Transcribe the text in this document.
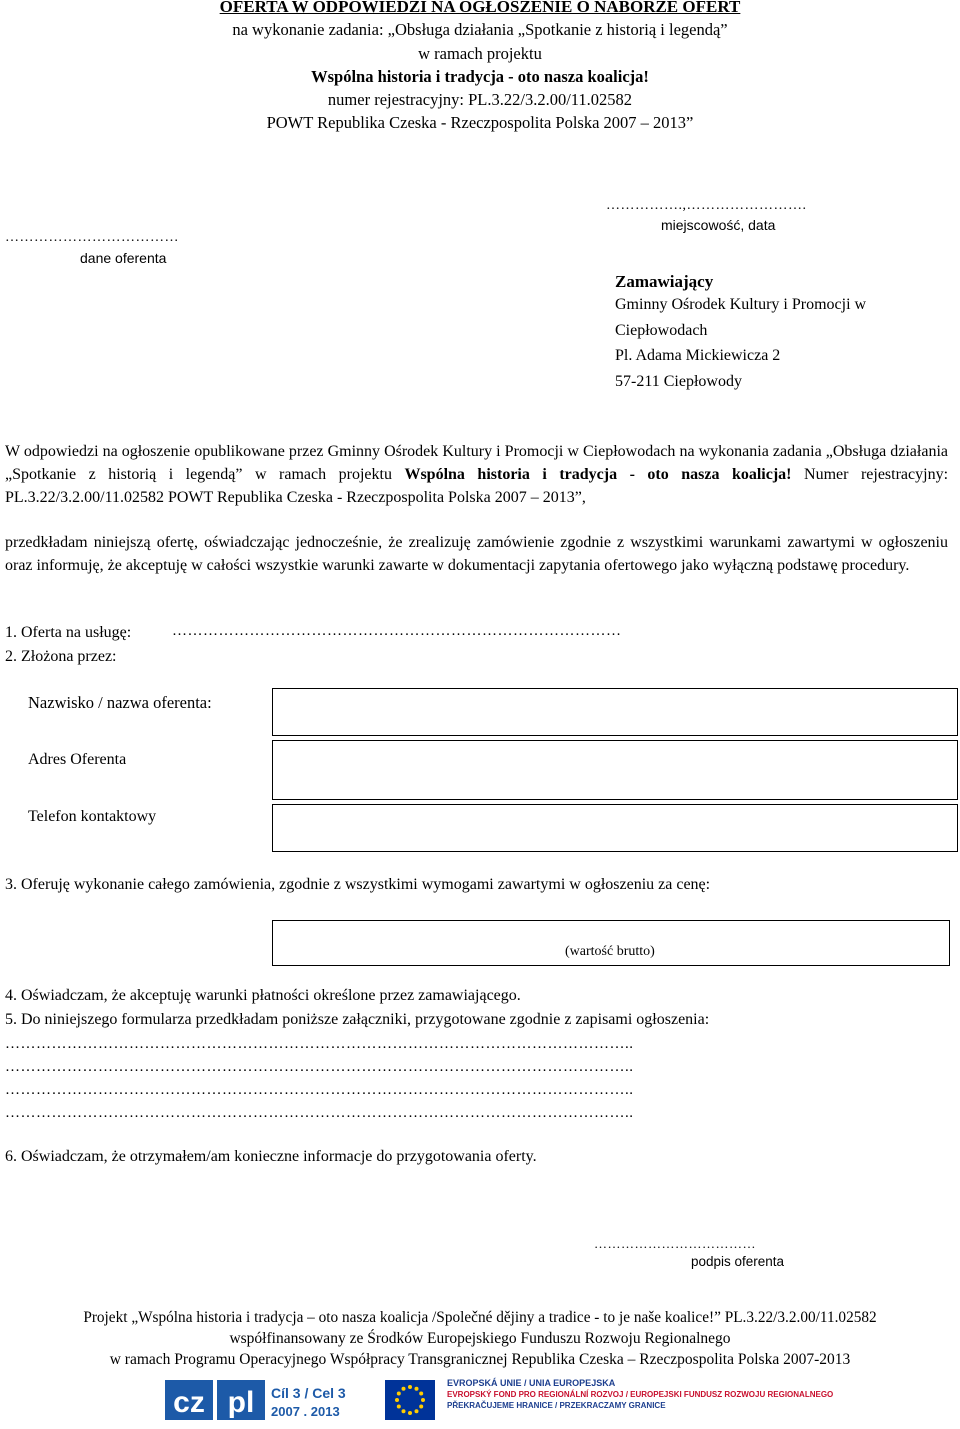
OFERTA W ODPOWIEDZI NA OGŁOSZENIE O NABORZE OFERT
na wykonanie zadania: „Obsługa działania „Spotkanie z historią i legendą”
w ramach projektu
Wspólna historia i tradycja - oto nasza koalicja!
numer rejestracyjny: PL.3.22/3.2.00/11.02582
POWT Republika Czeska - Rzeczpospolita Polska 2007 – 2013”
………………………………
dane oferenta
…………….,…………………….
miejscowość, data
Zamawiający
Gminny Ośrodek Kultury i Promocji w
Ciepłowodach
Pl. Adama Mickiewicza 2
57-211 Ciepłowody
W odpowiedzi na ogłoszenie opublikowane przez Gminny Ośrodek Kultury i Promocji w Ciepłowodach na wykonania zadania „Obsługa działania „Spotkanie z historią i legendą” w ramach projektu Wspólna historia i tradycja - oto nasza koalicja! Numer rejestracyjny: PL.3.22/3.2.00/11.02582 POWT Republika Czeska - Rzeczpospolita Polska 2007 – 2013”,
przedkładam niniejszą ofertę, oświadczając jednocześnie, że zrealizuję zamówienie zgodnie z wszystkimi warunkami zawartymi w ogłoszeniu oraz informuję, że akceptuję w całości wszystkie warunki zawarte w dokumentacji zapytania ofertowego jako wyłączną podstawę procedury.
1. Oferta na usługę:	……………………………………………………………………………
2. Złożona przez:
Nazwisko / nazwa oferenta:
Adres Oferenta
Telefon kontaktowy
3. Oferuję wykonanie całego zamówienia, zgodnie z wszystkimi wymogami zawartymi w ogłoszeniu za cenę:
(wartość brutto)
4. Oświadczam, że akceptuję warunki płatności określone przez zamawiającego.
5. Do niniejszego formularza przedkładam poniższe załączniki, przygotowane zgodnie z zapisami ogłoszenia:
…………………………………………………………………………………………………………..
…………………………………………………………………………………………………………..
…………………………………………………………………………………………………………..
…………………………………………………………………………………………………………..
6. Oświadczam, że otrzymałem/am konieczne informacje do przygotowania oferty.
………………………………
podpis oferenta
Projekt „Wspólna historia i tradycja – oto nasza koalicja /Společné dějiny a tradice - to je naše koalice!” PL.3.22/3.2.00/11.02582
współfinansowany ze Środków Europejskiego Funduszu Rozwoju Regionalnego
w ramach Programu Operacyjnego Współpracy Transgranicznej Republika Czeska – Rzeczpospolita Polska 2007-2013
cz pl Cíl 3 / Cel 3
2007 . 2013
EVROPSKÁ UNIE / UNIA EUROPEJSKA
EVROPSKÝ FOND PRO REGIONÁLNÍ ROZVOJ / EUROPEJSKI FUNDUSZ ROZWOJU REGIONALNEGO
PŘEKRAČUJEME HRANICE / PRZEKRACZAMY GRANICE
